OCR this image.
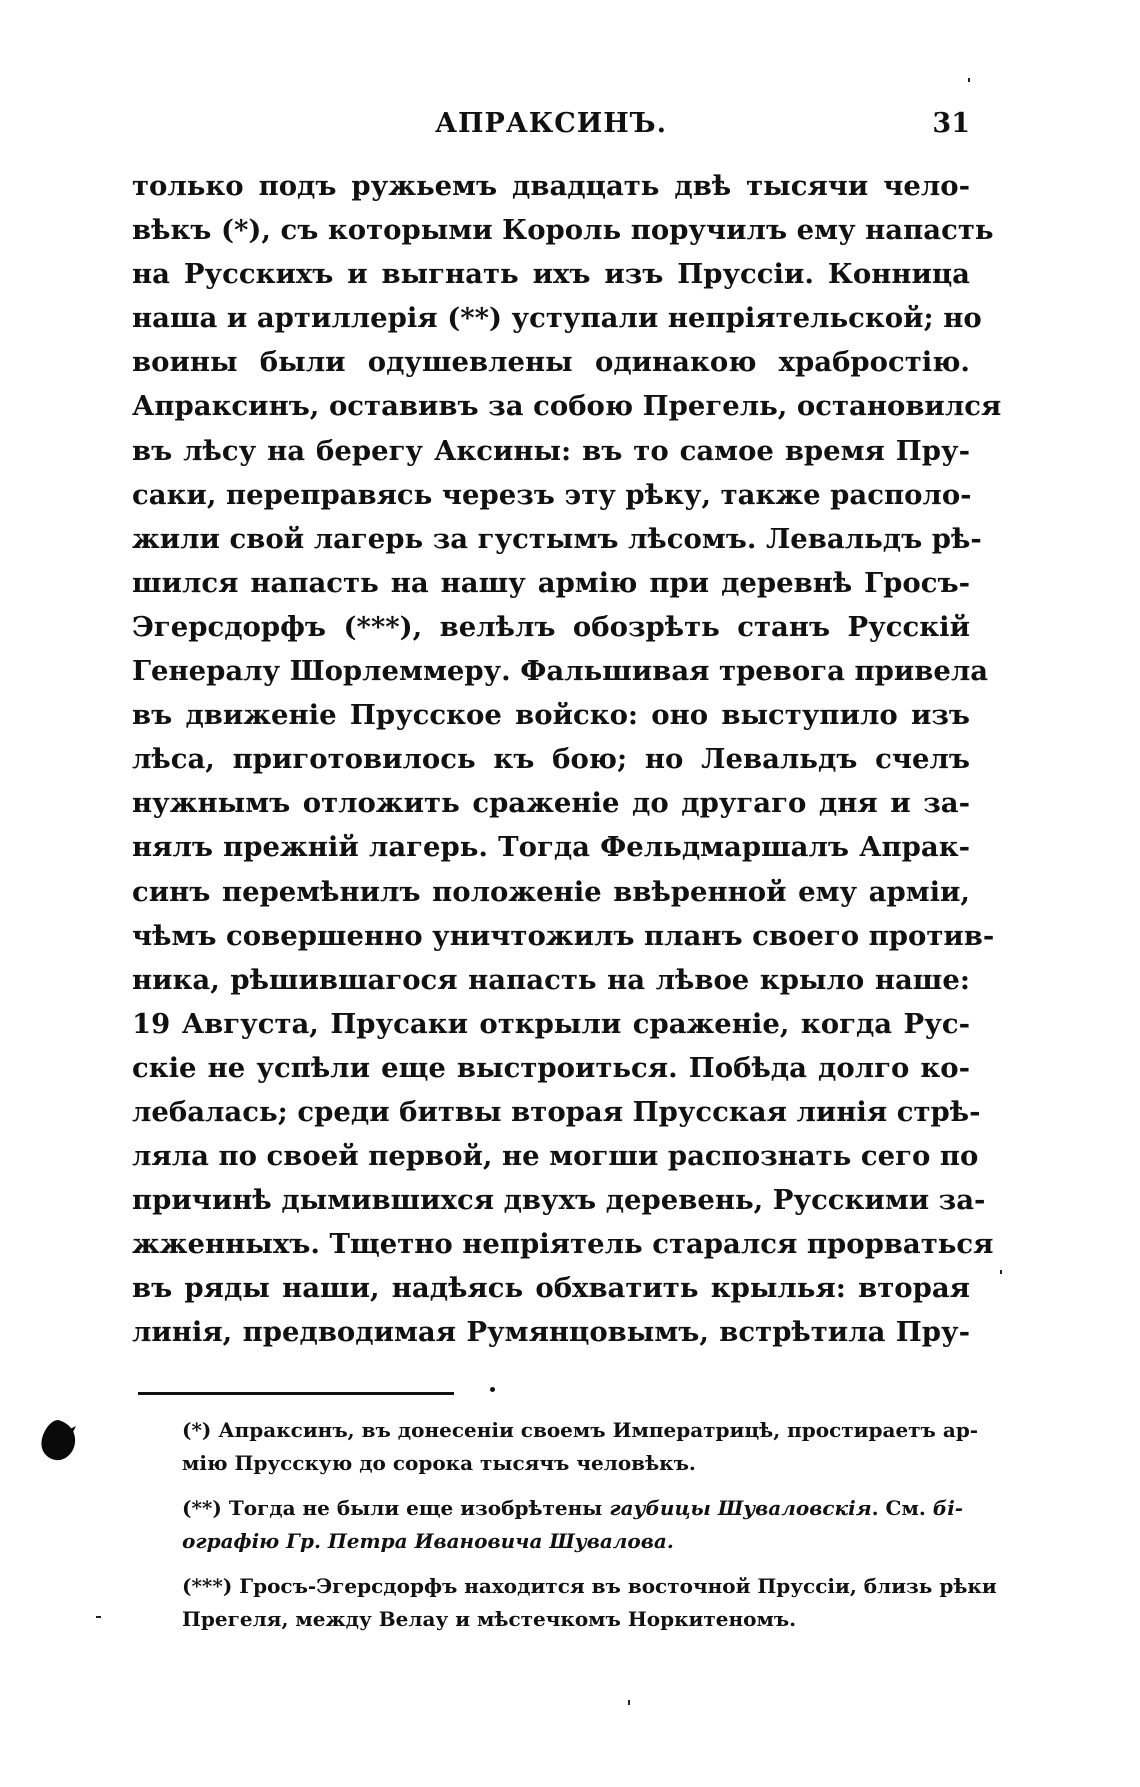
АПРАКСИНЪ.	31
только подъ ружьемъ двадцать двѣ тысячи чело-
вѣкъ (*), съ которыми Король поручилъ ему напасть
на Русскихъ и выгнать ихъ изъ Пруссіи. Конница
наша и артиллерія (**) уступали непріятельской; но
воины были одушевлены одинакою храбростію.
Апраксинъ, оставивъ за собою Прегель, остановился
въ лѣсу на берегу Аксины: въ то самое время Пру-
саки, переправясь черезъ эту рѣку, также располо-
жили свой лагерь за густымъ лѣсомъ. Левальдъ рѣ-
шился напасть на нашу армію при деревнѣ Гросъ-
Эгерсдорфъ (***), велѣлъ обозрѣть станъ Русскій
Генералу Шорлеммеру. Фальшивая тревога привела
въ движеніе Прусское войско: оно выступило изъ
лѣса, приготовилось къ бою; но Левальдъ счелъ
нужнымъ отложить сраженіе до другаго дня и за-
нялъ прежній лагерь. Тогда Фельдмаршалъ Апрак-
синъ перемѣнилъ положеніе ввѣренной ему арміи,
чѣмъ совершенно уничтожилъ планъ своего против-
ника, рѣшившагося напасть на лѣвое крыло наше:
19 Августа, Прусаки открыли сраженіе, когда Рус-
скіе не успѣли еще выстроиться. Побѣда долго ко-
лебалась; среди битвы вторая Прусская линія стрѣ-
ляла по своей первой, не могши распознать сего по
причинѣ дымившихся двухъ деревень, Русскими за-
жженныхъ. Тщетно непріятель старался прорваться
въ ряды наши, надѣясь обхватить крылья: вторая
линія, предводимая Румянцовымъ, встрѣтила Пру-
(*) Апраксинъ, въ донесеніи своемъ Императрицѣ, простираетъ ар-
мію Прусскую до сорока тысячъ человѣкъ.
(**) Тогда не были еще изобрѣтены гаубицы Шуваловскія. См. бі-
ографію Гр. Петра Ивановича Шувалова.
(***) Гросъ-Эгерсдорфъ находится въ восточной Пруссіи, близь рѣки
Прегеля, между Велау и мѣстечкомъ Норкитеномъ.
